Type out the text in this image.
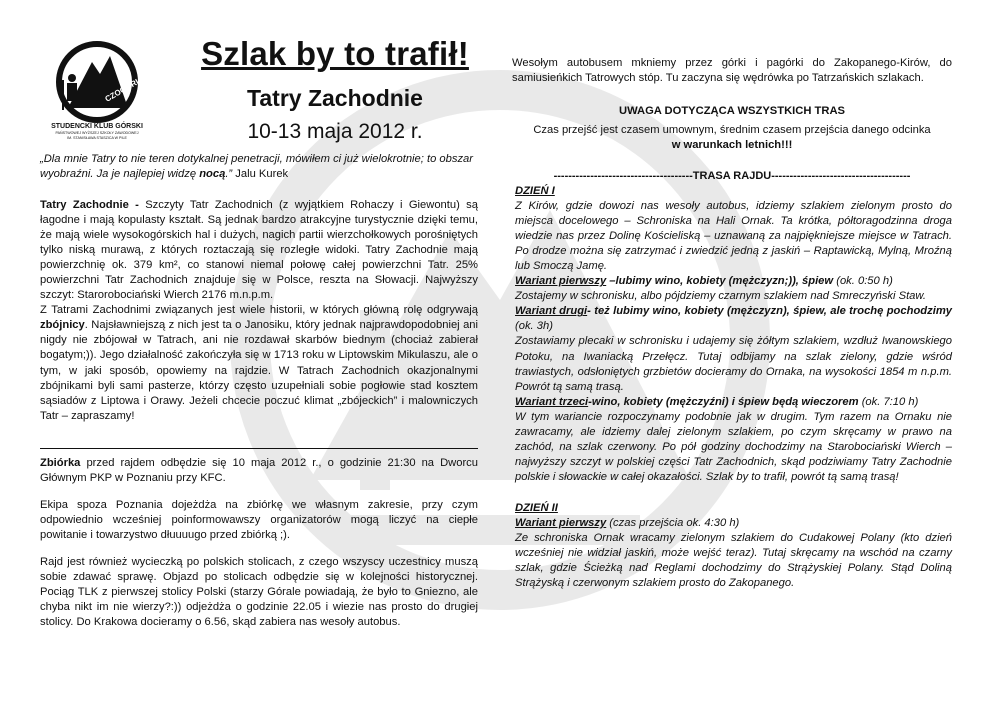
CZOGORI
STUDENCKI KLUB GÓRSKI
PAŃSTWOWEJ WYŻSZEJ SZKOŁY ZAWODOWEJ
IM. STANISŁAWA STASZICA W PILE
Szlak by to trafił!
Tatry Zachodnie
10-13 maja 2012 r.
„Dla mnie Tatry to nie teren dotykalnej penetracji, mówiłem ci już wielokrotnie; to obszar wyobraźni. Ja je najlepiej widzę nocą.” Jalu Kurek

Tatry Zachodnie - Szczyty Tatr Zachodnich (z wyjątkiem Rohaczy i Giewontu) są łagodne i mają kopulasty kształt. Są jednak bardzo atrakcyjne turystycznie dzięki temu, że mają wiele wysokogórskich hal i dużych, nagich partii wierzchołkowych porośniętych tylko niską murawą, z których roztaczają się rozległe widoki. Tatry Zachodnie mają powierzchnię ok. 379 km², co stanowi niemal połowę całej powierzchni Tatr. 25% powierzchni Tatr Zachodnich znajduje się w Polsce, reszta na Słowacji. Najwyższy szczyt: Starorobociański Wierch 2176 m.n.p.m.

Z Tatrami Zachodnimi związanych jest wiele historii, w których główną rolę odgrywają zbójnicy. Najsławniejszą z nich jest ta o Janosiku, który jednak najprawdopodobniej ani nigdy nie zbójował w Tatrach, ani nie rozdawał skarbów biednym (chociaż zabierał bogatym;)). Jego działalność zakończyła się w 1713 roku w Liptowskim Mikulaszu, ale o tym, w jaki sposób, opowiemy na rajdzie. W Tatrach Zachodnich okazjonalnymi zbójnikami byli sami pasterze, którzy często uzupełniali sobie pogłowie stad kosztem sąsiadów z Liptowa i Orawy. Jeżeli chcecie poczuć klimat „zbójeckich” i malowniczych Tatr – zapraszamy!

Zbiórka przed rajdem odbędzie się 10 maja 2012 r., o godzinie 21:30 na Dworcu Głównym PKP w Poznaniu przy KFC.

Ekipa spoza Poznania dojeżdża na zbiórkę we własnym zakresie, przy czym odpowiednio wcześniej poinformowawszy organizatorów mogą liczyć na ciepłe powitanie i towarzystwo dłuuuugo przed zbiórką ;).

Rajd jest również wycieczką po polskich stolicach, z czego wszyscy uczestnicy muszą sobie zdawać sprawę. Objazd po stolicach odbędzie się w kolejności historycznej. Pociąg TLK z pierwszej stolicy Polski (starzy Górale powiadają, że było to Gniezno, ale chyba nikt im nie wierzy?:)) odjeżdża o godzinie 22.05 i wiezie nas prosto do drugiej stolicy. Do Krakowa docieramy o 6.56, skąd zabiera nas wesoły autobus.

Wesołym autobusem mkniemy przez górki i pagórki do Zakopanego-Kirów, do samiusieńkich Tatrowych stóp. Tu zaczyna się wędrówka po Tatrzańskich szlakach.

UWAGA DOTYCZĄCA WSZYSTKICH TRAS
Czas przejść jest czasem umownym, średnim czasem przejścia danego odcinka
w warunkach letnich!!!
--------------------------------------TRASA RAJDU--------------------------------------

DZIEŃ I

Z Kirów, gdzie dowozi nas wesoły autobus, idziemy szlakiem zielonym prosto do miejsca docelowego – Schroniska na Hali Ornak. Ta krótka, półtoragodzinna droga wiedzie nas przez Dolinę Kościeliską – uznawaną za najpiękniejsze miejsce w Tatrach. Po drodze można się zatrzymać i zwiedzić jedną z jaskiń – Raptawicką, Mylną, Mroźną lub Smoczą Jamę.

Wariant pierwszy –lubimy wino, kobiety (mężczyzn;)), śpiew (ok. 0:50 h)

Zostajemy w schronisku, albo pójdziemy czarnym szlakiem nad Smreczyński Staw.

Wariant drugi- też lubimy wino, kobiety (mężczyzn), śpiew, ale trochę pochodzimy (ok. 3h)

Zostawiamy plecaki w schronisku i udajemy się żółtym szlakiem, wzdłuż Iwanowskiego Potoku, na Iwaniacką Przełęcz. Tutaj odbijamy na szlak zielony, gdzie wśród trawiastych, odsłoniętych grzbietów docieramy do Ornaka, na wysokości 1854 m n.p.m. Powrót tą samą trasą.

Wariant trzeci-wino, kobiety (mężczyźni) i śpiew będą wieczorem (ok. 7:10 h)

W tym wariancie rozpoczynamy podobnie jak w drugim. Tym razem na Ornaku nie zawracamy, ale idziemy dalej zielonym szlakiem, po czym skręcamy w prawo na zachód, na szlak czerwony. Po pół godziny dochodzimy na Starobociański Wierch – najwyższy szczyt w polskiej części Tatr Zachodnich, skąd podziwiamy Tatry Zachodnie polskie i słowackie w całej okazałości. Szlak by to trafił, powrót tą samą trasą!

DZIEŃ II

Wariant pierwszy (czas przejścia ok. 4:30 h)

Ze schroniska Ornak wracamy zielonym szlakiem do Cudakowej Polany (kto dzień wcześniej nie widział jaskiń, może wejść teraz). Tutaj skręcamy na wschód na czarny szlak, gdzie Ścieżką nad Reglami dochodzimy do Strążyskiej Polany. Stąd Doliną Strążyską i czerwonym szlakiem prosto do Zakopanego.
